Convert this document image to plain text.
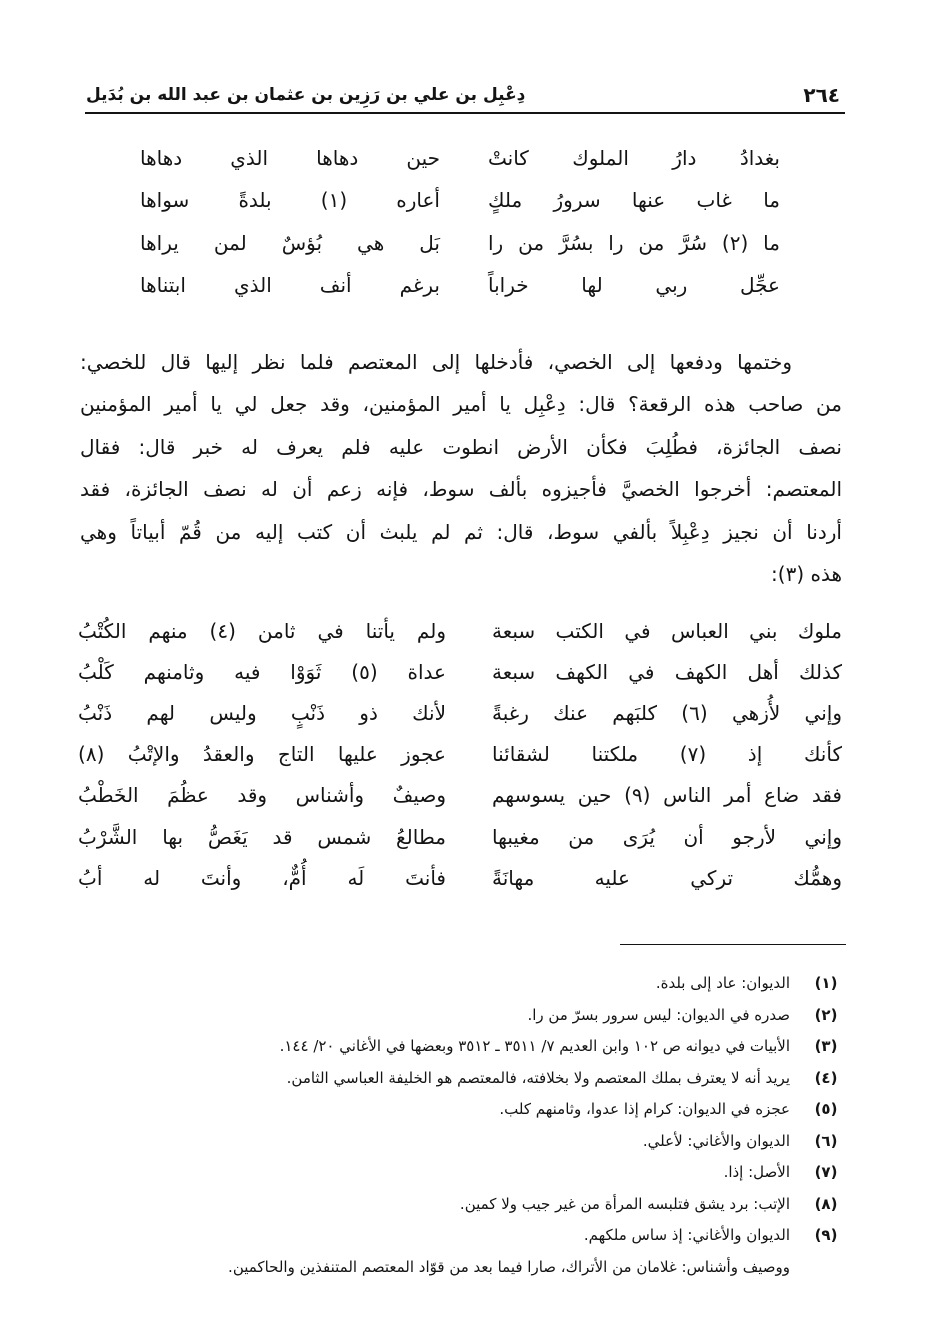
٢٦٤
دِعْبِل بن علي بن رَزِين بن عثمان بن عبد الله بن بُدَيل
بغدادُ دارُ الملوك كانتْ
حين دهاها الذي دهاها
ما غاب عنها سرورُ ملكٍ
أعاره (١) بلدةً سواها
ما (٢) سُرَّ من را بسُرَّ من را
بَل هي بُؤسٌ لمن يراها
عجِّل ربي لها خراباً
برغم أنف الذي ابتناها
وختمها ودفعها إلى الخصي، فأدخلها إلى المعتصم فلما نظر إليها قال للخصي:
من صاحب هذه الرقعة؟ قال: دِعْبِل يا أمير المؤمنين، وقد جعل لي يا أمير المؤمنين
نصف الجائزة، فطُلِبَ فكأن الأرض انطوت عليه فلم يعرف له خبر قال: فقال
المعتصم: أخرجوا الخصيَّ فأجيزوه بألف سوط، فإنه زعم أن له نصف الجائزة، فقد
أردنا أن نجيز دِعْبِلاً بألفي سوط، قال: ثم لم يلبث أن كتب إليه من قُمّ أبياتاً وهي
هذه (٣):
ملوك بني العباس في الكتب سبعة
ولم يأتنا في ثامن (٤) منهم الكُتْبُ
كذلك أهل الكهف في الكهف سبعة
عداة (٥) ثَوَوْا فيه وثامنهم كَلْبُ
وإني لأُزهي (٦) كلبَهم عنك رغبةً
لأنك ذو ذَنْبٍ وليس لهم ذَنْبُ
كأنك إذ (٧) ملكتنا لشقائنا
عجوز عليها التاج والعقدُ والإتْبُ (٨)
فقد ضاع أمر الناس (٩) حين يسوسهم
وصيفٌ وأشناس وقد عظُمَ الخَطْبُ
وإني لأرجو أن يُرَى من مغيبها
مطالعُ شمس قد يَغَصُّ بها الشَّرْبُ
وهمُّك تركي عليه مهانَةً
فأنتَ لَه أُمٌّ، وأنتَ له أبُ
(١)
الديوان: عاد إلى بلدة.
(٢)
صدره في الديوان: ليس سرور بسرّ من را.
(٣)
الأبيات في ديوانه ص ١٠٢ وابن العديم ٧/ ٣٥١١ ـ ٣٥١٢ وبعضها في الأغاني ٢٠/ ١٤٤.
(٤)
يريد أنه لا يعترف بملك المعتصم ولا بخلافته، فالمعتصم هو الخليفة العباسي الثامن.
(٥)
عجزه في الديوان: كرام إذا عدوا، وثامنهم كلب.
(٦)
الديوان والأغاني: لأعلي.
(٧)
الأصل: إذا.
(٨)
الإتب: برد يشق فتلبسه المرأة من غير جيب ولا كمين.
(٩)
الديوان والأغاني: إذ ساس ملكهم.
ووصيف وأشناس: غلامان من الأتراك، صارا فيما بعد من قوّاد المعتصم المتنفذين والحاكمين.
